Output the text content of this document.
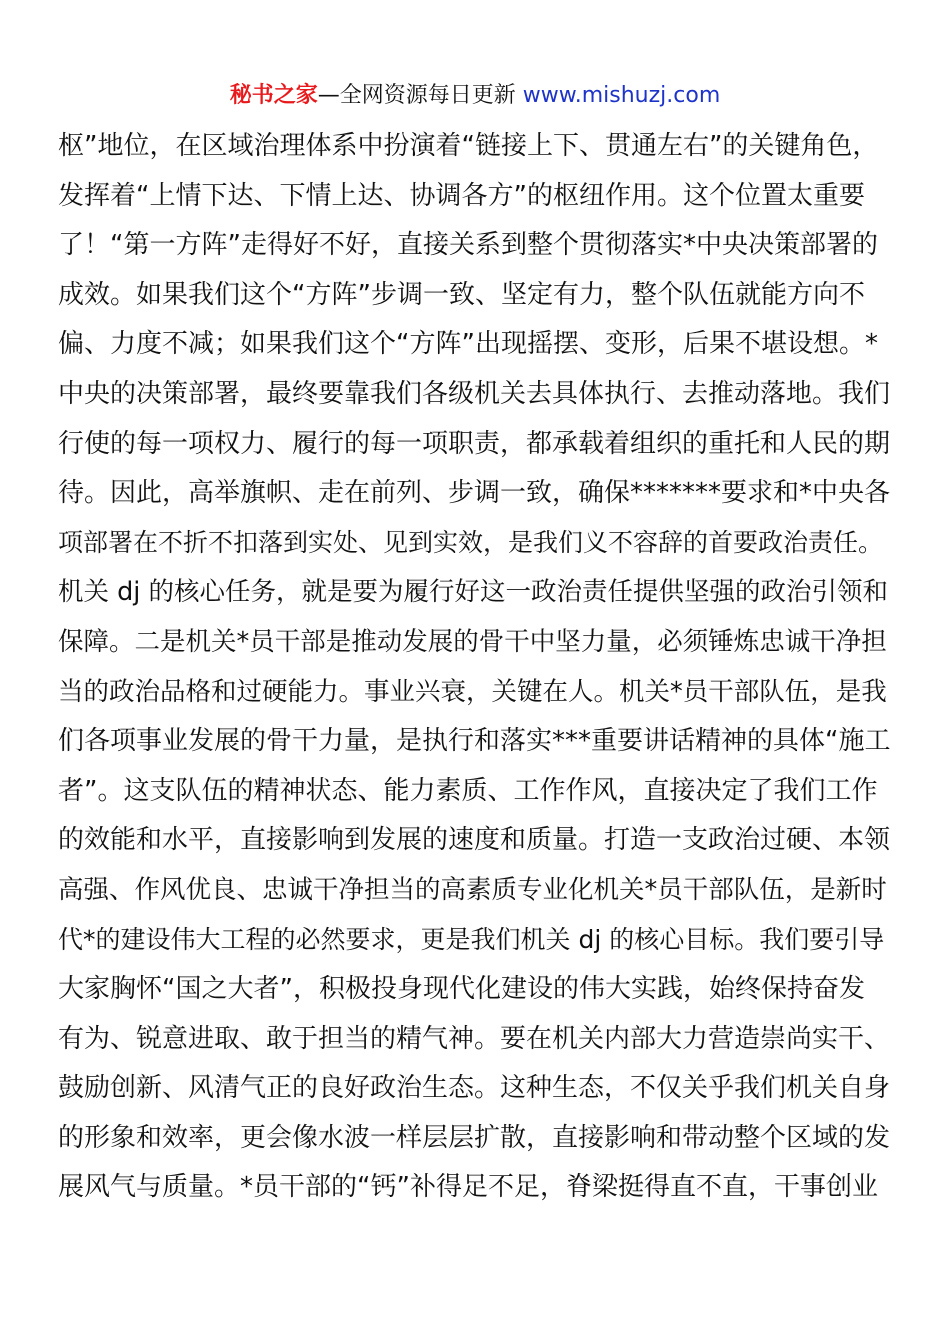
秘书之家—全网资源每日更新 www.mishuzj.com
枢”地位，在区域治理体系中扮演着“链接上下、贯通左右”的关键角色，
发挥着“上情下达、下情上达、协调各方”的枢纽作用。这个位置太重要
了！“第一方阵”走得好不好，直接关系到整个贯彻落实*中央决策部署的
成效。如果我们这个“方阵”步调一致、坚定有力，整个队伍就能方向不
偏、力度不减；如果我们这个“方阵”出现摇摆、变形，后果不堪设想。*
中央的决策部署，最终要靠我们各级机关去具体执行、去推动落地。我们
行使的每一项权力、履行的每一项职责，都承载着组织的重托和人民的期
待。因此，高举旗帜、走在前列、步调一致，确保*******要求和*中央各
项部署在不折不扣落到实处、见到实效，是我们义不容辞的首要政治责任。
机关 dj 的核心任务，就是要为履行好这一政治责任提供坚强的政治引领和
保障。二是机关*员干部是推动发展的骨干中坚力量，必须锤炼忠诚干净担
当的政治品格和过硬能力。事业兴衰，关键在人。机关*员干部队伍，是我
们各项事业发展的骨干力量，是执行和落实***重要讲话精神的具体“施工
者”。这支队伍的精神状态、能力素质、工作作风，直接决定了我们工作
的效能和水平，直接影响到发展的速度和质量。打造一支政治过硬、本领
高强、作风优良、忠诚干净担当的高素质专业化机关*员干部队伍，是新时
代*的建设伟大工程的必然要求，更是我们机关 dj 的核心目标。我们要引导
大家胸怀“国之大者”，积极投身现代化建设的伟大实践，始终保持奋发
有为、锐意进取、敢于担当的精气神。要在机关内部大力营造崇尚实干、
鼓励创新、风清气正的良好政治生态。这种生态，不仅关乎我们机关自身
的形象和效率，更会像水波一样层层扩散，直接影响和带动整个区域的发
展风气与质量。*员干部的“钙”补得足不足，脊梁挺得直不直，干事创业
